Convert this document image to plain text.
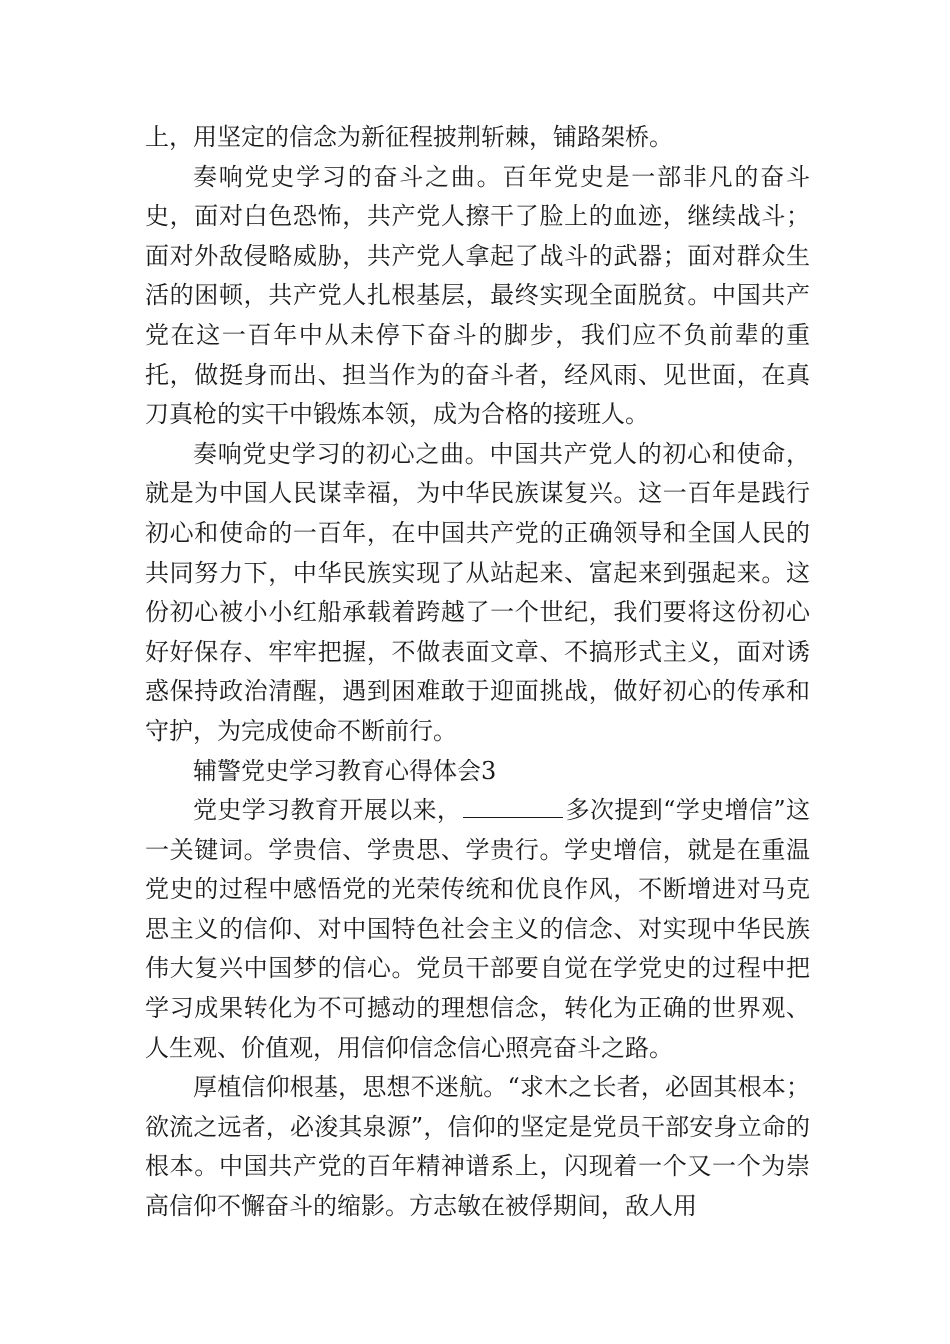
上，用坚定的信念为新征程披荆斩棘，铺路架桥。

奏响党史学习的奋斗之曲。百年党史是一部非凡的奋斗史，面对白色恐怖，共产党人擦干了脸上的血迹，继续战斗；面对外敌侵略威胁，共产党人拿起了战斗的武器；面对群众生活的困顿，共产党人扎根基层，最终实现全面脱贫。中国共产党在这一百年中从未停下奋斗的脚步，我们应不负前辈的重托，做挺身而出、担当作为的奋斗者，经风雨、见世面，在真刀真枪的实干中锻炼本领，成为合格的接班人。

奏响党史学习的初心之曲。中国共产党人的初心和使命，就是为中国人民谋幸福，为中华民族谋复兴。这一百年是践行初心和使命的一百年，在中国共产党的正确领导和全国人民的共同努力下，中华民族实现了从站起来、富起来到强起来。这份初心被小小红船承载着跨越了一个世纪，我们要将这份初心好好保存、牢牢把握，不做表面文章、不搞形式主义，面对诱惑保持政治清醒，遇到困难敢于迎面挑战，做好初心的传承和守护，为完成使命不断前行。

辅警党史学习教育心得体会3

党史学习教育开展以来，	多次提到“学史增信”这一关键词。学贵信、学贵思、学贵行。学史增信，就是在重温党史的过程中感悟党的光荣传统和优良作风，不断增进对马克思主义的信仰、对中国特色社会主义的信念、对实现中华民族伟大复兴中国梦的信心。党员干部要自觉在学党史的过程中把学习成果转化为不可撼动的理想信念，转化为正确的世界观、人生观、价值观，用信仰信念信心照亮奋斗之路。

厚植信仰根基，思想不迷航。“求木之长者，必固其根本；欲流之远者，必浚其泉源”，信仰的坚定是党员干部安身立命的根本。中国共产党的百年精神谱系上，闪现着一个又一个为崇高信仰不懈奋斗的缩影。方志敏在被俘期间，敌人用
